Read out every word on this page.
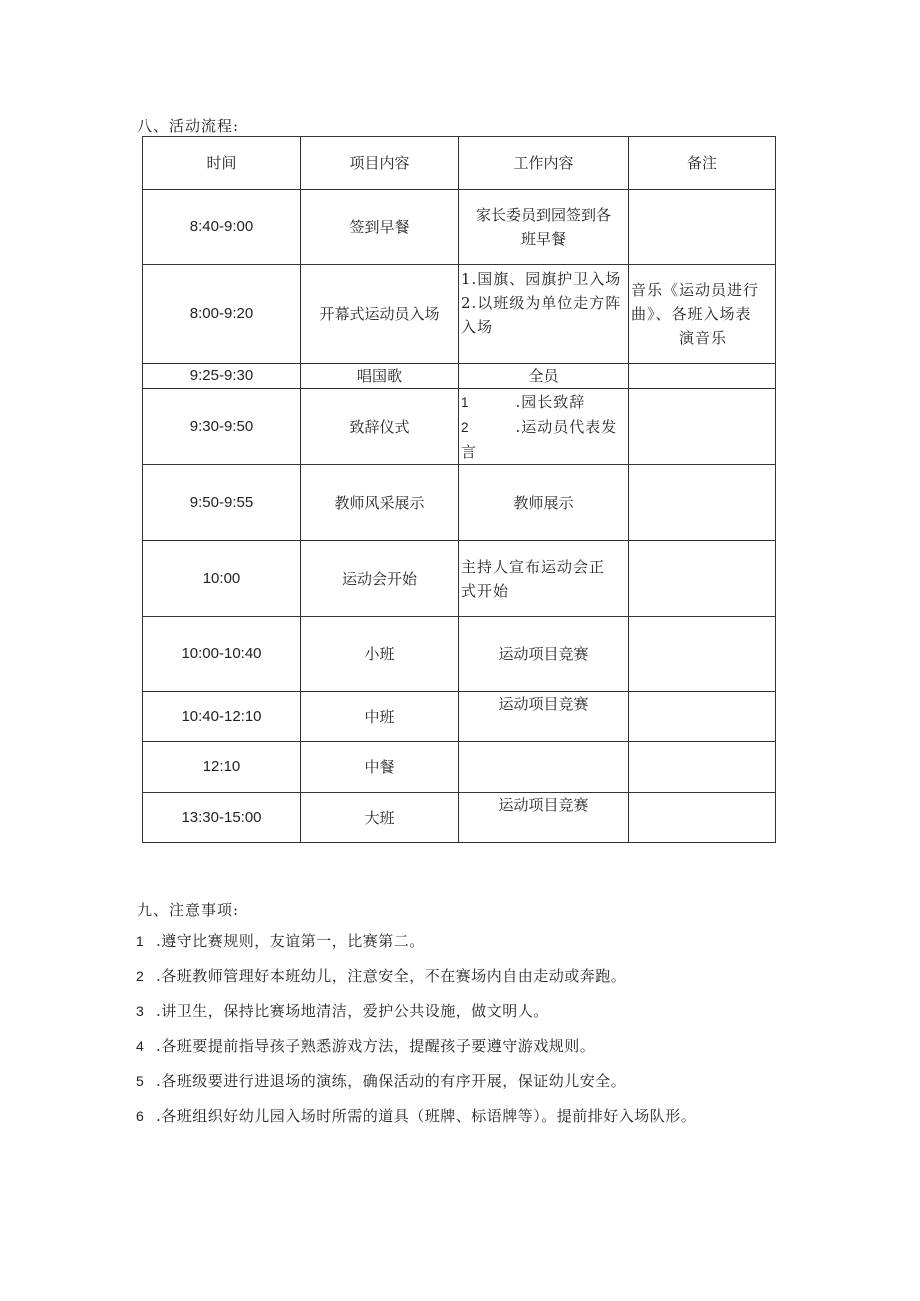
八、活动流程:
时间	项目内容	工作内容	备注
8:40-9:00	签到早餐	家长委员到园签到各
班早餐	

8:00-9:20	开幕式运动员入场	1.国旗、园旗护卫入场
2.以班级为单位走方阵
入场	音乐《运动员进行
曲》、各班入场表
演音乐

9:25-9:30	唱国歌	全员	
9:30-9:50	致辞仪式	1 .园长致辞
2 .运动员代表发
言	

9:50-9:55	教师风采展示	教师展示	
10:00	运动会开始	主持人宣布运动会正
式开始	

10:00-10:40	小班	运动项目竞赛	
10:40-12:10	中班	运动项目竞赛	
12:10	中餐		
13:30-15:00	大班	运动项目竞赛	
九、注意事项:
1 .遵守比赛规则，友谊第一，比赛第二。
2 .各班教师管理好本班幼儿，注意安全，不在赛场内自由走动或奔跑。
3 .讲卫生，保持比赛场地清洁，爱护公共设施，做文明人。
4 .各班要提前指导孩子熟悉游戏方法，提醒孩子要遵守游戏规则。
5 .各班级要进行进退场的演练，确保活动的有序开展，保证幼儿安全。
6 .各班组织好幼儿园入场时所需的道具（班牌、标语牌等）。提前排好入场队形。
